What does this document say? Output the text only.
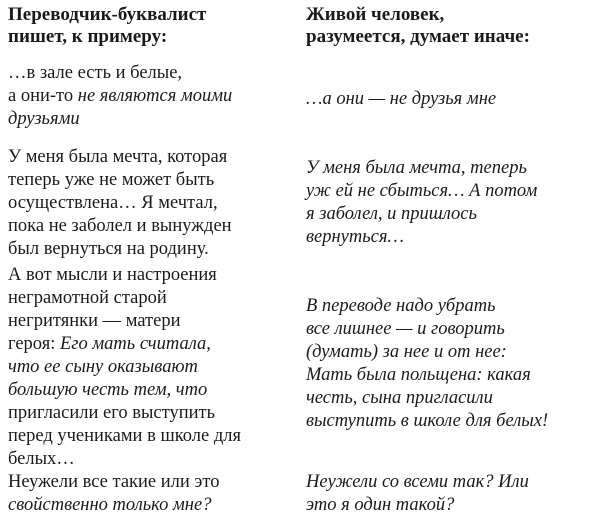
Переводчик-буквалист
пишет, к примеру:
Живой человек,
разумеется, думает иначе:

…в зале есть и белые,
а они-то не являются моими
друзьями

…а они — не друзья мне

У меня была мечта, которая
теперь уже не может быть
осуществлена… Я мечтал,
пока не заболел и вынужден
был вернуться на родину.

У меня была мечта, теперь
уж ей не сбыться… А потом
я заболел, и пришлось
вернуться…

А вот мысли и настроения
неграмотной старой
негритянки — матери
героя: Его мать считала,
что ее сыну оказывают
большую честь тем, что
пригласили его выступить
перед учениками в школе для
белых…

В переводе надо убрать
все лишнее — и говорить
(думать) за нее и от нее:
Мать была польщена: какая
честь, сына пригласили
выступить в школе для белых!

Неужели все такие или это
свойственно только мне?

Неужели со всеми так? Или
это я один такой?
